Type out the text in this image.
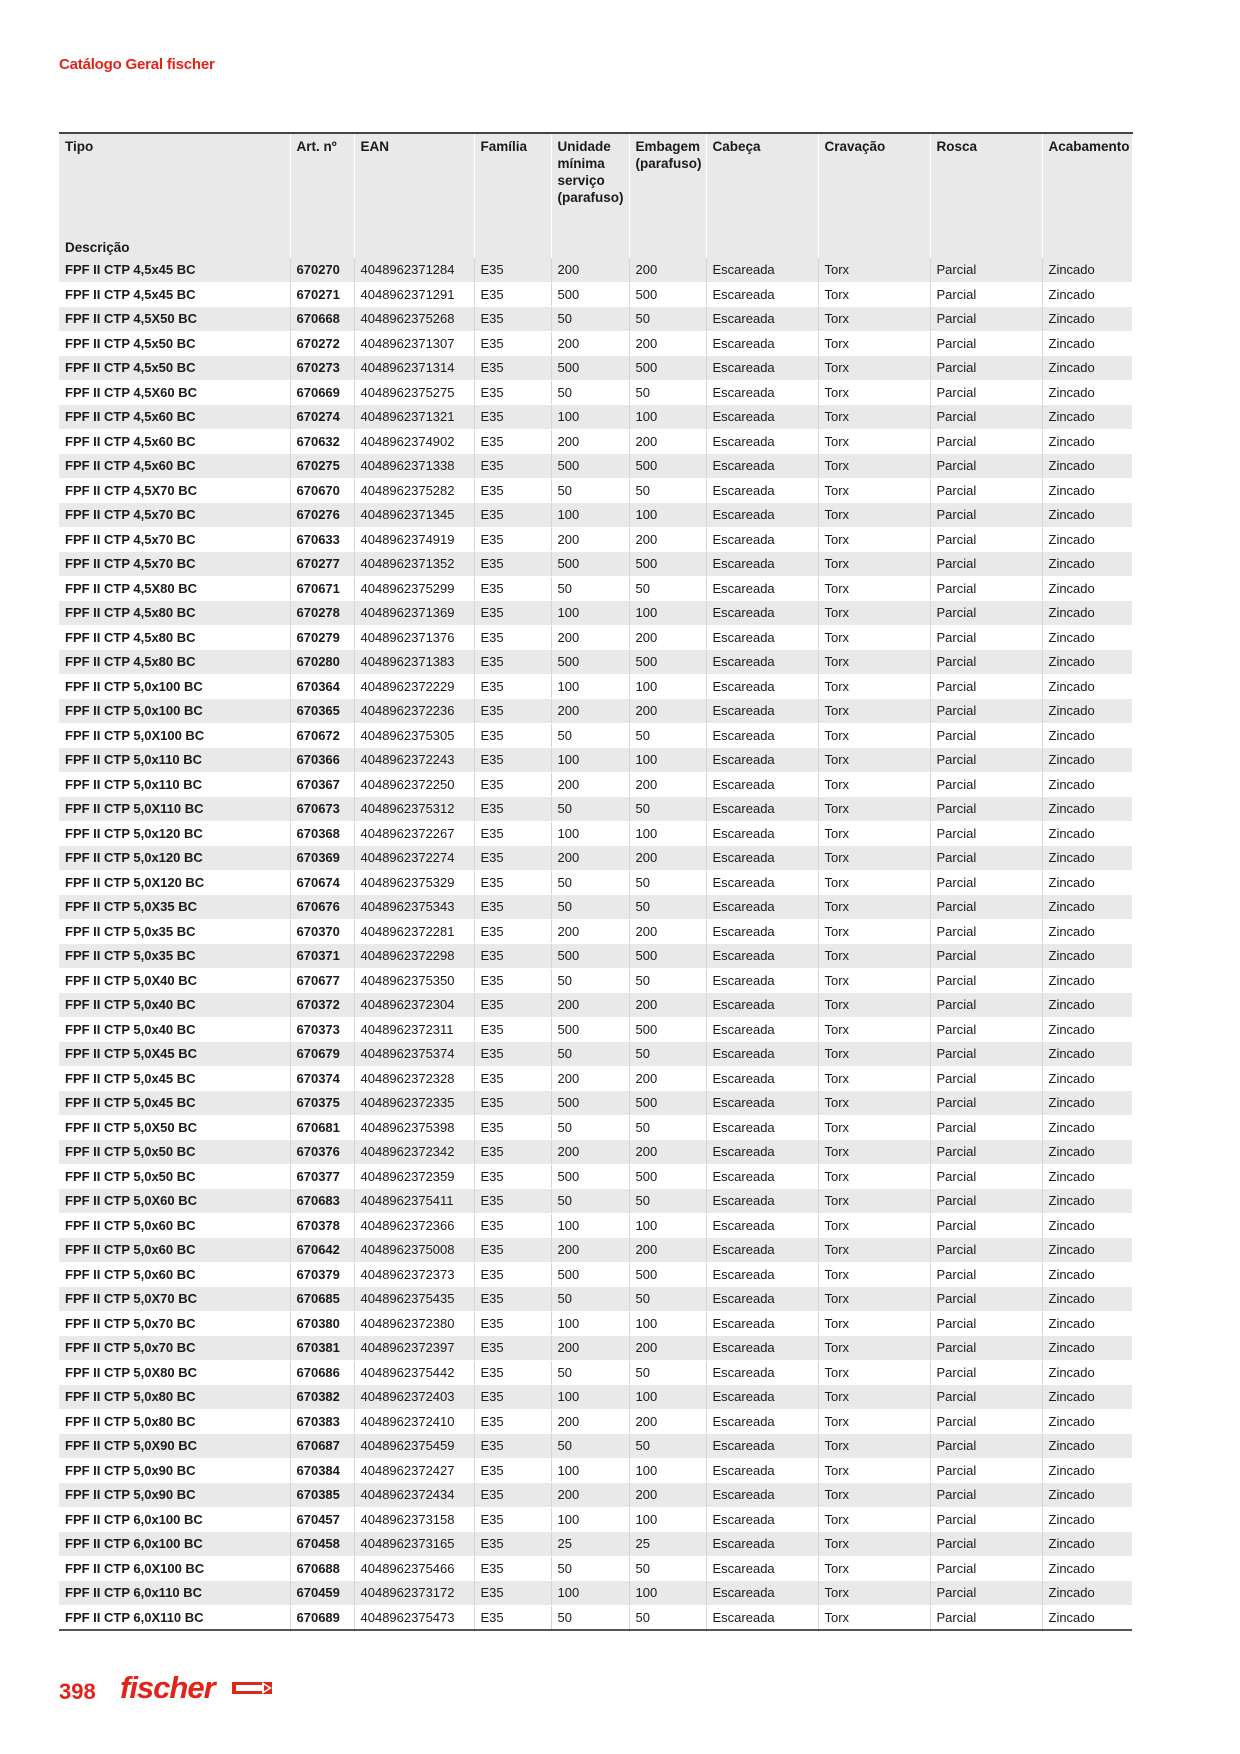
Catálogo Geral fischer
Tipo
Descrição	Art. nº	EAN	Família	Unidade mínima serviço (parafuso)	Embagem (parafuso)	Cabeça	Cravação	Rosca	Acabamento
FPF II CTP 4,5x45 BC	670270	4048962371284	E35	200	200	Escareada	Torx	Parcial	Zincado
FPF II CTP 4,5x45 BC	670271	4048962371291	E35	500	500	Escareada	Torx	Parcial	Zincado
FPF II CTP 4,5X50 BC	670668	4048962375268	E35	50	50	Escareada	Torx	Parcial	Zincado
FPF II CTP 4,5x50 BC	670272	4048962371307	E35	200	200	Escareada	Torx	Parcial	Zincado
FPF II CTP 4,5x50 BC	670273	4048962371314	E35	500	500	Escareada	Torx	Parcial	Zincado
FPF II CTP 4,5X60 BC	670669	4048962375275	E35	50	50	Escareada	Torx	Parcial	Zincado
FPF II CTP 4,5x60 BC	670274	4048962371321	E35	100	100	Escareada	Torx	Parcial	Zincado
FPF II CTP 4,5x60 BC	670632	4048962374902	E35	200	200	Escareada	Torx	Parcial	Zincado
FPF II CTP 4,5x60 BC	670275	4048962371338	E35	500	500	Escareada	Torx	Parcial	Zincado
FPF II CTP 4,5X70 BC	670670	4048962375282	E35	50	50	Escareada	Torx	Parcial	Zincado
FPF II CTP 4,5x70 BC	670276	4048962371345	E35	100	100	Escareada	Torx	Parcial	Zincado
FPF II CTP 4,5x70 BC	670633	4048962374919	E35	200	200	Escareada	Torx	Parcial	Zincado
FPF II CTP 4,5x70 BC	670277	4048962371352	E35	500	500	Escareada	Torx	Parcial	Zincado
FPF II CTP 4,5X80 BC	670671	4048962375299	E35	50	50	Escareada	Torx	Parcial	Zincado
FPF II CTP 4,5x80 BC	670278	4048962371369	E35	100	100	Escareada	Torx	Parcial	Zincado
FPF II CTP 4,5x80 BC	670279	4048962371376	E35	200	200	Escareada	Torx	Parcial	Zincado
FPF II CTP 4,5x80 BC	670280	4048962371383	E35	500	500	Escareada	Torx	Parcial	Zincado
FPF II CTP 5,0x100 BC	670364	4048962372229	E35	100	100	Escareada	Torx	Parcial	Zincado
FPF II CTP 5,0x100 BC	670365	4048962372236	E35	200	200	Escareada	Torx	Parcial	Zincado
FPF II CTP 5,0X100 BC	670672	4048962375305	E35	50	50	Escareada	Torx	Parcial	Zincado
FPF II CTP 5,0x110 BC	670366	4048962372243	E35	100	100	Escareada	Torx	Parcial	Zincado
FPF II CTP 5,0x110 BC	670367	4048962372250	E35	200	200	Escareada	Torx	Parcial	Zincado
FPF II CTP 5,0X110 BC	670673	4048962375312	E35	50	50	Escareada	Torx	Parcial	Zincado
FPF II CTP 5,0x120 BC	670368	4048962372267	E35	100	100	Escareada	Torx	Parcial	Zincado
FPF II CTP 5,0x120 BC	670369	4048962372274	E35	200	200	Escareada	Torx	Parcial	Zincado
FPF II CTP 5,0X120 BC	670674	4048962375329	E35	50	50	Escareada	Torx	Parcial	Zincado
FPF II CTP 5,0X35 BC	670676	4048962375343	E35	50	50	Escareada	Torx	Parcial	Zincado
FPF II CTP 5,0x35 BC	670370	4048962372281	E35	200	200	Escareada	Torx	Parcial	Zincado
FPF II CTP 5,0x35 BC	670371	4048962372298	E35	500	500	Escareada	Torx	Parcial	Zincado
FPF II CTP 5,0X40 BC	670677	4048962375350	E35	50	50	Escareada	Torx	Parcial	Zincado
FPF II CTP 5,0x40 BC	670372	4048962372304	E35	200	200	Escareada	Torx	Parcial	Zincado
FPF II CTP 5,0x40 BC	670373	4048962372311	E35	500	500	Escareada	Torx	Parcial	Zincado
FPF II CTP 5,0X45 BC	670679	4048962375374	E35	50	50	Escareada	Torx	Parcial	Zincado
FPF II CTP 5,0x45 BC	670374	4048962372328	E35	200	200	Escareada	Torx	Parcial	Zincado
FPF II CTP 5,0x45 BC	670375	4048962372335	E35	500	500	Escareada	Torx	Parcial	Zincado
FPF II CTP 5,0X50 BC	670681	4048962375398	E35	50	50	Escareada	Torx	Parcial	Zincado
FPF II CTP 5,0x50 BC	670376	4048962372342	E35	200	200	Escareada	Torx	Parcial	Zincado
FPF II CTP 5,0x50 BC	670377	4048962372359	E35	500	500	Escareada	Torx	Parcial	Zincado
FPF II CTP 5,0X60 BC	670683	4048962375411	E35	50	50	Escareada	Torx	Parcial	Zincado
FPF II CTP 5,0x60 BC	670378	4048962372366	E35	100	100	Escareada	Torx	Parcial	Zincado
FPF II CTP 5,0x60 BC	670642	4048962375008	E35	200	200	Escareada	Torx	Parcial	Zincado
FPF II CTP 5,0x60 BC	670379	4048962372373	E35	500	500	Escareada	Torx	Parcial	Zincado
FPF II CTP 5,0X70 BC	670685	4048962375435	E35	50	50	Escareada	Torx	Parcial	Zincado
FPF II CTP 5,0x70 BC	670380	4048962372380	E35	100	100	Escareada	Torx	Parcial	Zincado
FPF II CTP 5,0x70 BC	670381	4048962372397	E35	200	200	Escareada	Torx	Parcial	Zincado
FPF II CTP 5,0X80 BC	670686	4048962375442	E35	50	50	Escareada	Torx	Parcial	Zincado
FPF II CTP 5,0x80 BC	670382	4048962372403	E35	100	100	Escareada	Torx	Parcial	Zincado
FPF II CTP 5,0x80 BC	670383	4048962372410	E35	200	200	Escareada	Torx	Parcial	Zincado
FPF II CTP 5,0X90 BC	670687	4048962375459	E35	50	50	Escareada	Torx	Parcial	Zincado
FPF II CTP 5,0x90 BC	670384	4048962372427	E35	100	100	Escareada	Torx	Parcial	Zincado
FPF II CTP 5,0x90 BC	670385	4048962372434	E35	200	200	Escareada	Torx	Parcial	Zincado
FPF II CTP 6,0x100 BC	670457	4048962373158	E35	100	100	Escareada	Torx	Parcial	Zincado
FPF II CTP 6,0x100 BC	670458	4048962373165	E35	25	25	Escareada	Torx	Parcial	Zincado
FPF II CTP 6,0X100 BC	670688	4048962375466	E35	50	50	Escareada	Torx	Parcial	Zincado
FPF II CTP 6,0x110 BC	670459	4048962373172	E35	100	100	Escareada	Torx	Parcial	Zincado
FPF II CTP 6,0X110 BC	670689	4048962375473	E35	50	50	Escareada	Torx	Parcial	Zincado
398 fischer
